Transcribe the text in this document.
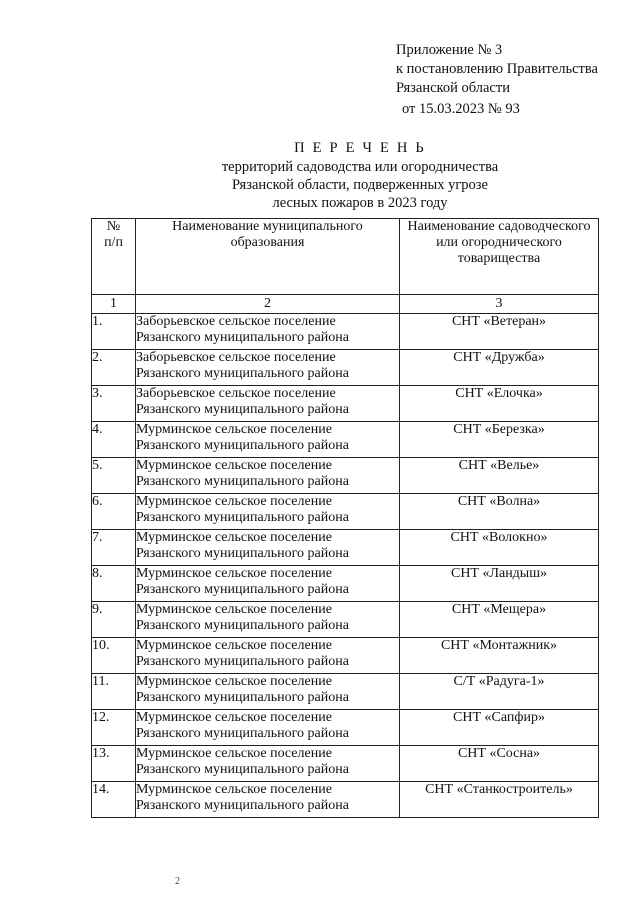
Приложение № 3
к постановлению Правительства
Рязанской области
от 15.03.2023 № 93
П Е Р Е Ч Е Н Ь
территорий садоводства или огородничества
Рязанской области, подверженных угрозе
лесных пожаров в 2023 году
№
п/п	Наименование муниципального образования	Наименование садоводческого или огороднического товарищества
1	2	3
1.	Заборьевское сельское поселение
Рязанского муниципального района	СНТ «Ветеран»
2.	Заборьевское сельское поселение
Рязанского муниципального района	СНТ «Дружба»
3.	Заборьевское сельское поселение
Рязанского муниципального района	СНТ «Елочка»
4.	Мурминское сельское поселение
Рязанского муниципального района	СНТ «Березка»
5.	Мурминское сельское поселение
Рязанского муниципального района	СНТ «Велье»
6.	Мурминское сельское поселение
Рязанского муниципального района	СНТ «Волна»
7.	Мурминское сельское поселение
Рязанского муниципального района	СНТ «Волокно»
8.	Мурминское сельское поселение
Рязанского муниципального района	СНТ «Ландыш»
9.	Мурминское сельское поселение
Рязанского муниципального района	СНТ «Мещера»
10.	Мурминское сельское поселение
Рязанского муниципального района	СНТ «Монтажник»
11.	Мурминское сельское поселение
Рязанского муниципального района	С/Т «Радуга-1»
12.	Мурминское сельское поселение
Рязанского муниципального района	СНТ «Сапфир»
13.	Мурминское сельское поселение
Рязанского муниципального района	СНТ «Сосна»
14.	Мурминское сельское поселение
Рязанского муниципального района	СНТ «Станкостроитель»
2
